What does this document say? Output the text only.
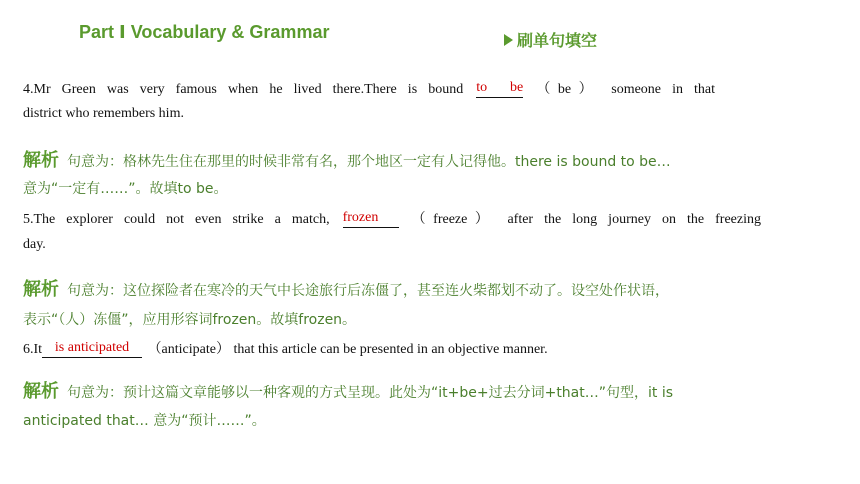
Part Ⅰ Vocabulary & Grammar	刷单句填空
4.Mr Green was very famous when he lived there.There is bound to be （be） someone in that
district who remembers him.
解析 句意为：格林先生住在那里的时候非常有名，那个地区一定有人记得他。there is bound to be…
意为“一定有……”。故填to be。
5.The explorer could not even strike a match, frozen	（freeze） after the long journey on the freezing
day.
解析 句意为：这位探险者在寒冷的天气中长途旅行后冻僵了，甚至连火柴都划不动了。设空处作状语，
表示“（人）冻僵”，应用形容词frozen。故填frozen。
6.It is anticipated	（anticipate） that this article can be presented in an objective manner.
解析 句意为：预计这篇文章能够以一种客观的方式呈现。此处为“it+be+过去分词+that…”句型，it is
anticipated that… 意为“预计……”。
